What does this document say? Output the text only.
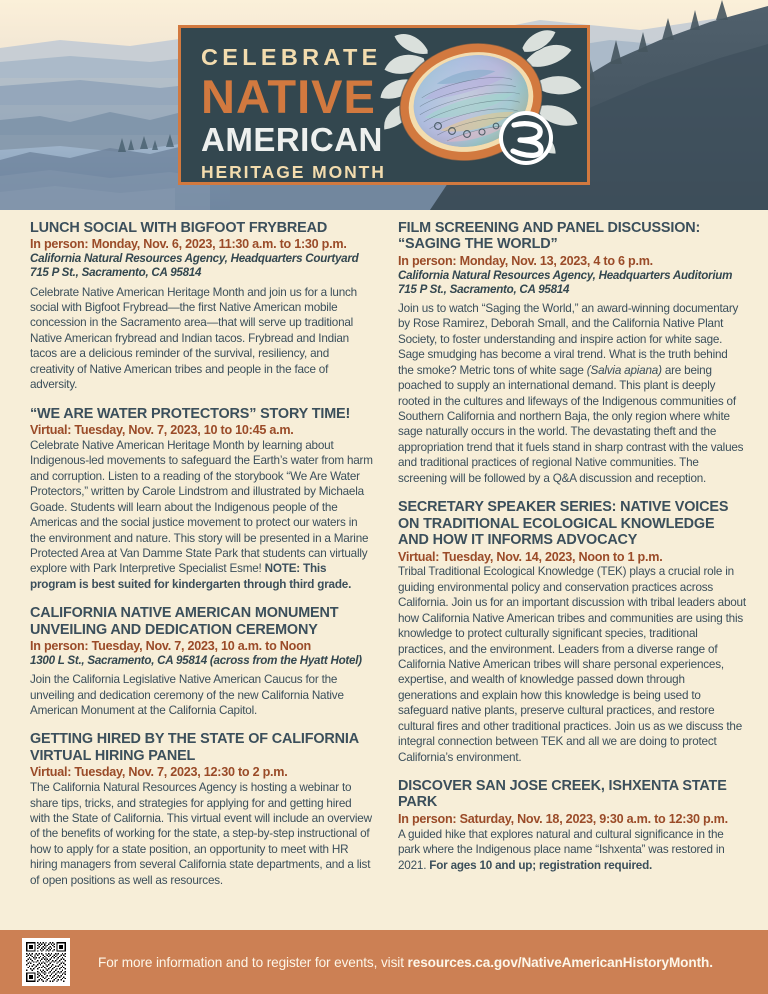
CELEBRATE
NATIVE
AMERICAN
HERITAGE MONTH
LUNCH SOCIAL WITH BIGFOOT FRYBREAD

In person: Monday, Nov. 6, 2023, 11:30 a.m. to 1:30 p.m.

California Natural Resources Agency, Headquarters Courtyard

715 P St., Sacramento, CA 95814

Celebrate Native American Heritage Month and join us for a lunch social with Bigfoot Frybread—the first Native American mobile concession in the Sacramento area—that will serve up traditional Native American frybread and Indian tacos. Frybread and Indian tacos are a delicious reminder of the survival, resiliency, and creativity of Native American tribes and people in the face of adversity.

“WE ARE WATER PROTECTORS” STORY TIME!

Virtual: Tuesday, Nov. 7, 2023, 10 to 10:45 a.m.

Celebrate Native American Heritage Month by learning about Indigenous-led movements to safeguard the Earth’s water from harm and corruption. Listen to a reading of the storybook “We Are Water Protectors,” written by Carole Lindstrom and illustrated by Michaela Goade. Students will learn about the Indigenous people of the Americas and the social justice movement to protect our waters in the environment and nature. This story will be presented in a Marine Protected Area at Van Damme State Park that students can virtually explore with Park Interpretive Specialist Esme! NOTE: This program is best suited for kindergarten through third grade.

CALIFORNIA NATIVE AMERICAN MONUMENT UNVEILING AND DEDICATION CEREMONY

In person: Tuesday, Nov. 7, 2023, 10 a.m. to Noon

1300 L St., Sacramento, CA 95814 (across from the Hyatt Hotel)

Join the California Legislative Native American Caucus for the unveiling and dedication ceremony of the new California Native American Monument at the California Capitol.

GETTING HIRED BY THE STATE OF CALIFORNIA VIRTUAL HIRING PANEL

Virtual: Tuesday, Nov. 7, 2023, 12:30 to 2 p.m.

The California Natural Resources Agency is hosting a webinar to share tips, tricks, and strategies for applying for and getting hired with the State of California. This virtual event will include an overview of the benefits of working for the state, a step-by-step instructional of how to apply for a state position, an opportunity to meet with HR hiring managers from several California state departments, and a list of open positions as well as resources.

FILM SCREENING AND PANEL DISCUSSION: “SAGING THE WORLD”

In person: Monday, Nov. 13, 2023, 4 to 6 p.m.

California Natural Resources Agency, Headquarters Auditorium

715 P St., Sacramento, CA 95814

Join us to watch “Saging the World,” an award-winning documentary by Rose Ramirez, Deborah Small, and the California Native Plant Society, to foster understanding and inspire action for white sage. Sage smudging has become a viral trend. What is the truth behind the smoke? Metric tons of white sage (Salvia apiana) are being poached to supply an international demand. This plant is deeply rooted in the cultures and lifeways of the Indigenous communities of Southern California and northern Baja, the only region where white sage naturally occurs in the world. The devastating theft and the appropriation trend that it fuels stand in sharp contrast with the values and traditional practices of regional Native communities. The screening will be followed by a Q&A discussion and reception.

SECRETARY SPEAKER SERIES: NATIVE VOICES ON TRADITIONAL ECOLOGICAL KNOWLEDGE AND HOW IT INFORMS ADVOCACY

Virtual: Tuesday, Nov. 14, 2023, Noon to 1 p.m.

Tribal Traditional Ecological Knowledge (TEK) plays a crucial role in guiding environmental policy and conservation practices across California. Join us for an important discussion with tribal leaders about how California Native American tribes and communities are using this knowledge to protect culturally significant species, traditional practices, and the environment. Leaders from a diverse range of California Native American tribes will share personal experiences, expertise, and wealth of knowledge passed down through generations and explain how this knowledge is being used to safeguard native plants, preserve cultural practices, and restore cultural fires and other traditional practices. Join us as we discuss the integral connection between TEK and all we are doing to protect California’s environment.

DISCOVER SAN JOSE CREEK, ISHXENTA STATE PARK

In person: Saturday, Nov. 18, 2023, 9:30 a.m. to 12:30 p.m.

A guided hike that explores natural and cultural significance in the park where the Indigenous place name “Ishxenta” was restored in 2021. For ages 10 and up; registration required.

For more information and to register for events, visit resources.ca.gov/NativeAmericanHistoryMonth.
